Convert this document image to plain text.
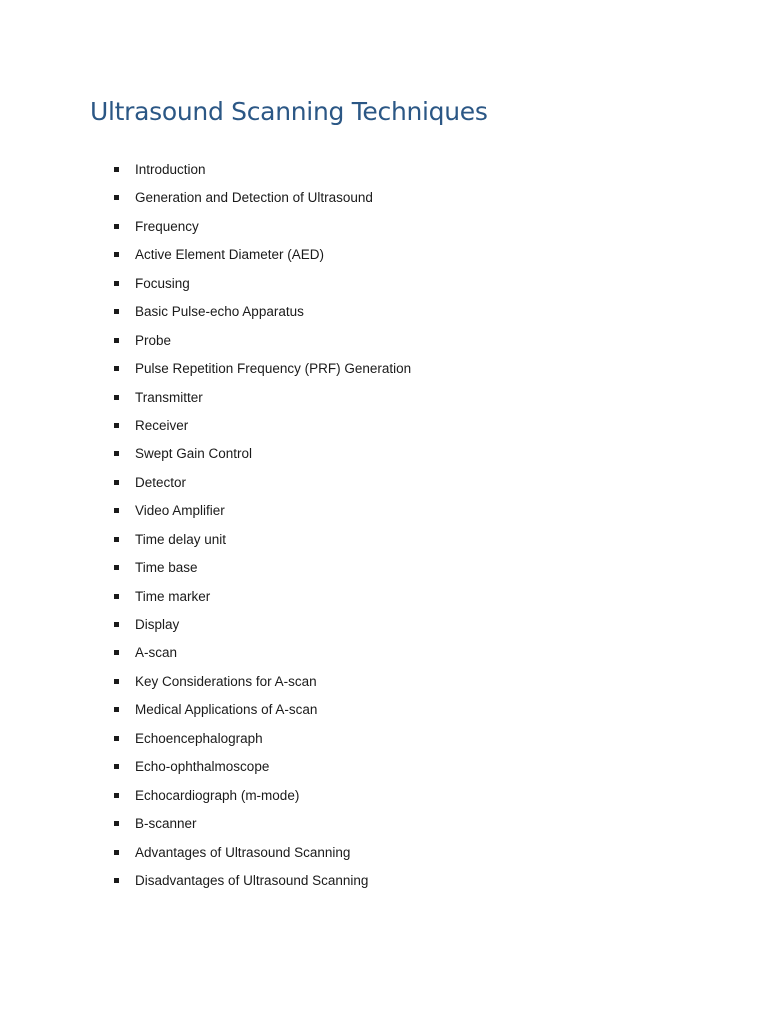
Ultrasound Scanning Techniques
Introduction
Generation and Detection of Ultrasound
Frequency
Active Element Diameter (AED)
Focusing
Basic Pulse-echo Apparatus
Probe
Pulse Repetition Frequency (PRF) Generation
Transmitter
Receiver
Swept Gain Control
Detector
Video Amplifier
Time delay unit
Time base
Time marker
Display
A-scan
Key Considerations for A-scan
Medical Applications of A-scan
Echoencephalograph
Echo-ophthalmoscope
Echocardiograph (m-mode)
B-scanner
Advantages of Ultrasound Scanning
Disadvantages of Ultrasound Scanning
